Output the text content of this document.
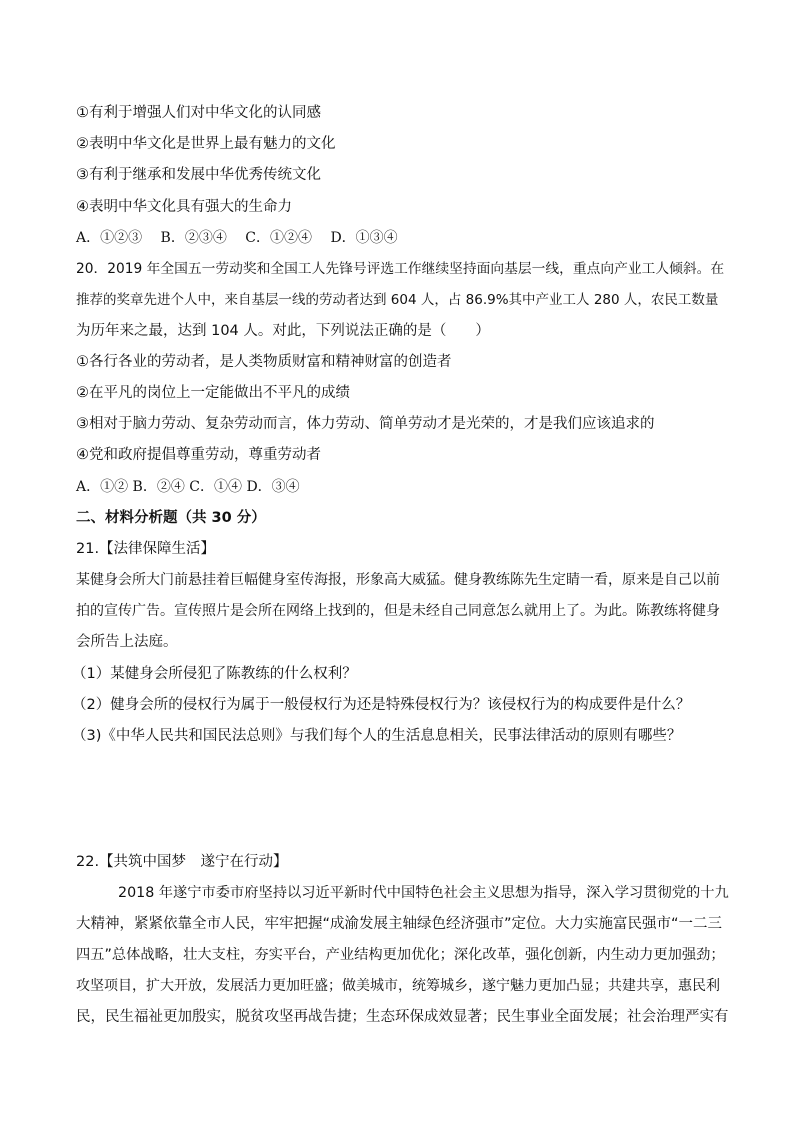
①有利于增强人们对中华文化的认同感
②表明中华文化是世界上最有魅力的文化
③有利于继承和发展中华优秀传统文化
④表明中华文化具有强大的生命力
A．①②③　 B．②③④　 C．①②④　 D．①③④
20．2019 年全国五一劳动奖和全国工人先锋号评选工作继续坚持面向基层一线，重点向产业工人倾斜。在
推荐的奖章先进个人中，来自基层一线的劳动者达到 604 人，占 86.9%其中产业工人 280 人，农民工数量
为历年来之最，达到 104 人。对此，下列说法正确的是（　　）
①各行各业的劳动者，是人类物质财富和精神财富的创造者
②在平凡的岗位上一定能做出不平凡的成绩
③相对于脑力劳动、复杂劳动而言，体力劳动、简单劳动才是光荣的，才是我们应该追求的
④党和政府提倡尊重劳动，尊重劳动者
A．①② B．②④ C．①④ D．③④
二、材料分析题（共 30 分）
21.【法律保障生活】
某健身会所大门前悬挂着巨幅健身室传海报，形象高大威猛。健身教练陈先生定睛一看，原来是自己以前
拍的宣传广告。宣传照片是会所在网络上找到的，但是未经自己同意怎么就用上了。为此。陈教练将健身
会所告上法庭。
（1）某健身会所侵犯了陈教练的什么权利？
（2）健身会所的侵权行为属于一般侵权行为还是特殊侵权行为？该侵权行为的构成要件是什么？
（3)《中华人民共和国民法总则》与我们每个人的生活息息相关，民事法律活动的原则有哪些？
22.【共筑中国梦　遂宁在行动】
2018 年遂宁市委市府坚持以习近平新时代中国特色社会主义思想为指导，深入学习贯彻党的十九
大精神，紧紧依靠全市人民，牢牢把握“成渝发展主轴绿色经济强市”定位。大力实施富民强市“一二三
四五”总体战略，壮大支柱，夯实平台，产业结构更加优化；深化改革，强化创新，内生动力更加强劲；
攻坚项目，扩大开放，发展活力更加旺盛；做美城市，统筹城乡，遂宁魅力更加凸显；共建共享，惠民利
民，民生福祉更加殷实，脱贫攻坚再战告捷；生态环保成效显著；民生事业全面发展；社会治理严实有
